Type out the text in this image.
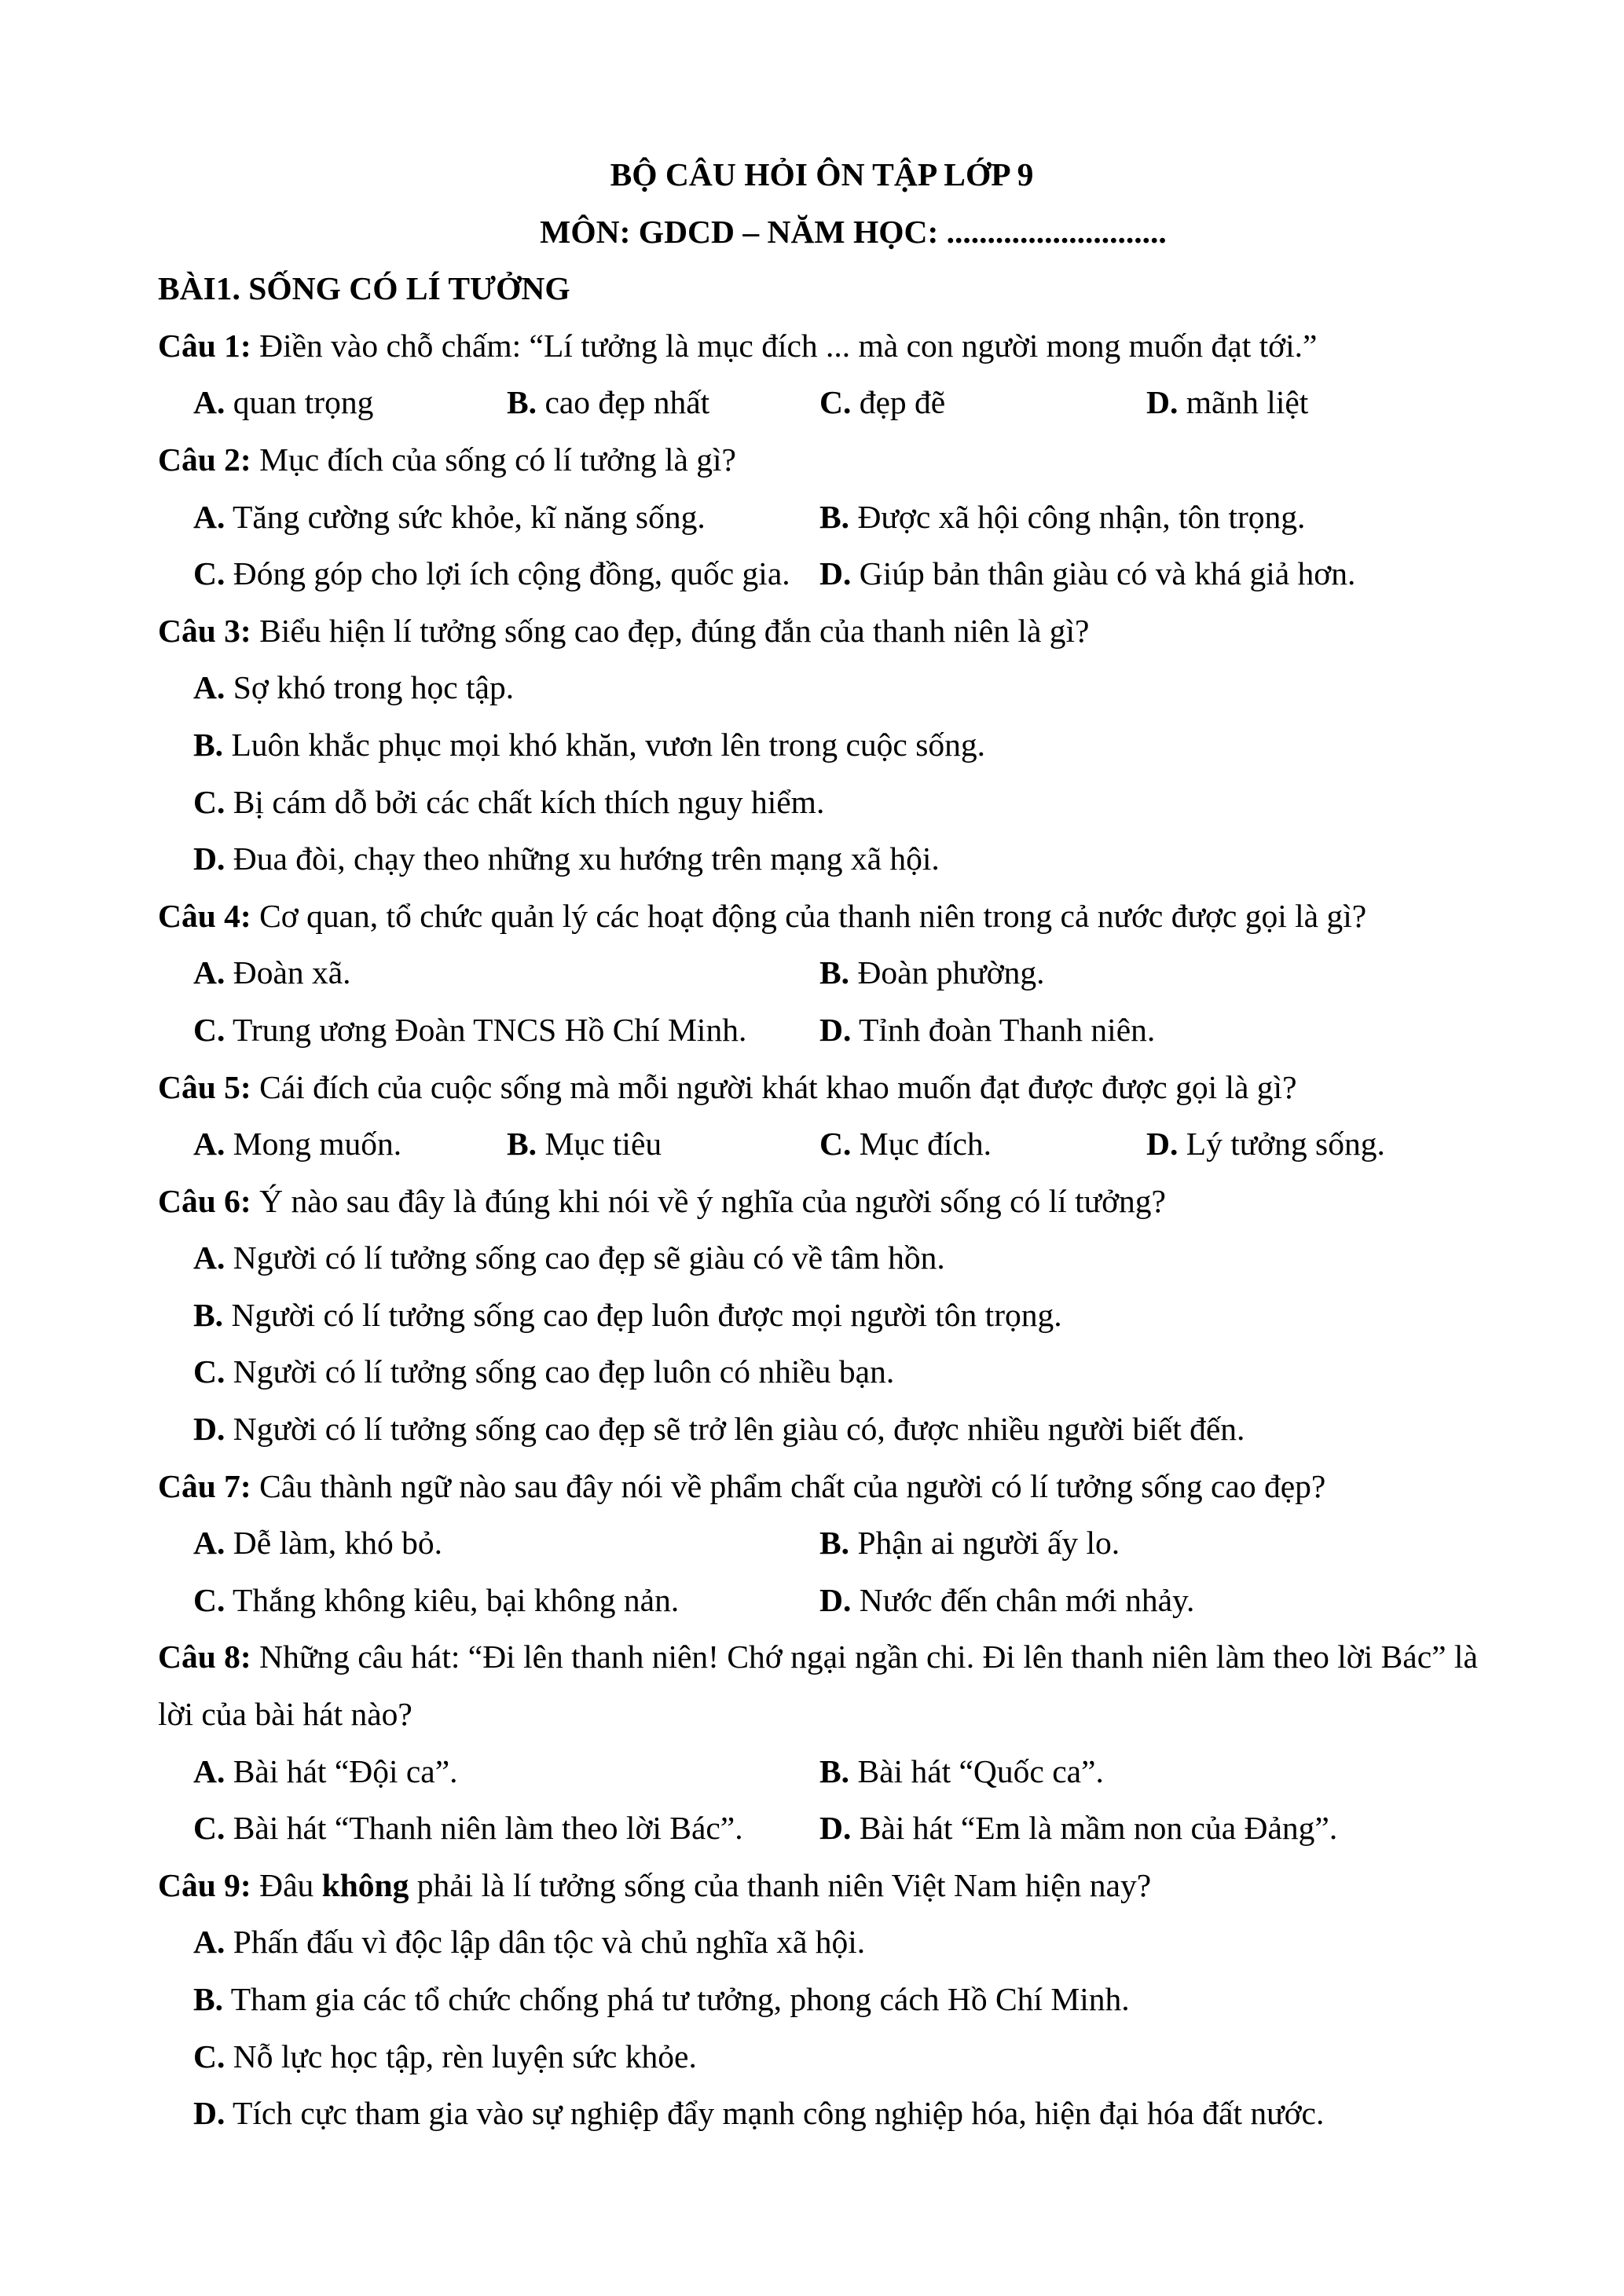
BỘ CÂU HỎI ÔN TẬP LỚP 9
MÔN: GDCD – NĂM HỌC: ...........................
BÀI1. SỐNG CÓ LÍ TƯỞNG
Câu 1: Điền vào chỗ chấm: “Lí tưởng là mục đích ... mà con người mong muốn đạt tới.”
A. quan trọng	B. cao đẹp nhất	C. đẹp đẽ	D. mãnh liệt
Câu 2: Mục đích của sống có lí tưởng là gì?
A. Tăng cường sức khỏe, kĩ năng sống.	B. Được xã hội công nhận, tôn trọng.
C. Đóng góp cho lợi ích cộng đồng, quốc gia. D. Giúp bản thân giàu có và khá giả hơn.
Câu 3: Biểu hiện lí tưởng sống cao đẹp, đúng đắn của thanh niên là gì?
A. Sợ khó trong học tập.
B. Luôn khắc phục mọi khó khăn, vươn lên trong cuộc sống.
C. Bị cám dỗ bởi các chất kích thích nguy hiểm.
D. Đua đòi, chạy theo những xu hướng trên mạng xã hội.
Câu 4: Cơ quan, tổ chức quản lý các hoạt động của thanh niên trong cả nước được gọi là gì?
A. Đoàn xã.	B. Đoàn phường.
C. Trung ương Đoàn TNCS Hồ Chí Minh.	D. Tỉnh đoàn Thanh niên.
Câu 5: Cái đích của cuộc sống mà mỗi người khát khao muốn đạt được được gọi là gì?
A. Mong muốn.	B. Mục tiêu	C. Mục đích.	D. Lý tưởng sống.
Câu 6: Ý nào sau đây là đúng khi nói về ý nghĩa của người sống có lí tưởng?
A. Người có lí tưởng sống cao đẹp sẽ giàu có về tâm hồn.
B. Người có lí tưởng sống cao đẹp luôn được mọi người tôn trọng.
C. Người có lí tưởng sống cao đẹp luôn có nhiều bạn.
D. Người có lí tưởng sống cao đẹp sẽ trở lên giàu có, được nhiều người biết đến.
Câu 7: Câu thành ngữ nào sau đây nói về phẩm chất của người có lí tưởng sống cao đẹp?
A. Dễ làm, khó bỏ.	B. Phận ai người ấy lo.
C. Thắng không kiêu, bại không nản.	D. Nước đến chân mới nhảy.
Câu 8: Những câu hát: “Đi lên thanh niên! Chớ ngại ngần chi. Đi lên thanh niên làm theo lời Bác” là lời của bài hát nào?
A. Bài hát “Đội ca”.	B. Bài hát “Quốc ca”.
C. Bài hát “Thanh niên làm theo lời Bác”.	D. Bài hát “Em là mầm non của Đảng”.
Câu 9: Đâu không phải là lí tưởng sống của thanh niên Việt Nam hiện nay?
A. Phấn đấu vì độc lập dân tộc và chủ nghĩa xã hội.
B. Tham gia các tổ chức chống phá tư tưởng, phong cách Hồ Chí Minh.
C. Nỗ lực học tập, rèn luyện sức khỏe.
D. Tích cực tham gia vào sự nghiệp đẩy mạnh công nghiệp hóa, hiện đại hóa đất nước.
